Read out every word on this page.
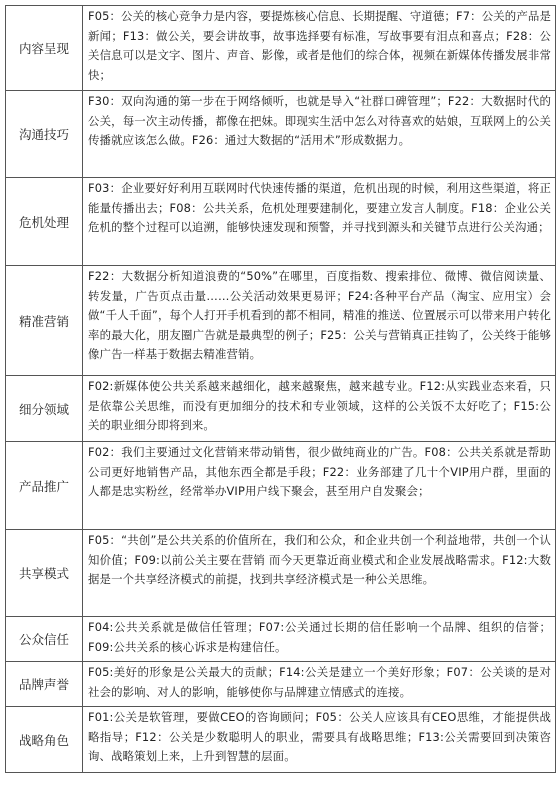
内容呈现
F05：公关的核心竞争力是内容，要提炼核心信息、长期提醒、守道德；F7：公关的产品是新闻；F13：做公关，要会讲故事，故事选择要有标准，写故事要有泪点和喜点；F28：公关信息可以是文字、图片、声音、影像，或者是他们的综合体，视频在新媒体传播发展非常快；
沟通技巧
F30：双向沟通的第一步在于网络倾听，也就是导入“社群口碑管理”；F22：大数据时代的公关，每一次主动传播，都像在把妹。即现实生活中怎么对待喜欢的姑娘，互联网上的公关传播就应该怎么做。F26：通过大数据的“活用术”形成数据力。
危机处理
F03：企业要好好利用互联网时代快速传播的渠道，危机出现的时候，利用这些渠道，将正能量传播出去；F08：公共关系，危机处理要建制化，要建立发言人制度。F18：企业公关危机的整个过程可以追溯，能够快速发现和预警，并寻找到源头和关键节点进行公关沟通；
精准营销
F22：大数据分析知道浪费的“50%”在哪里，百度指数、搜索排位、微博、微信阅读量、转发量，广告页点击量……公关活动效果更易评；F24:各种平台产品（淘宝、应用宝）会做“千人千面”，每个人打开手机看到的都不相同，精准的推送、位置展示可以带来用户转化率的最大化，朋友圈广告就是最典型的例子；F25：公关与营销真正挂钩了，公关终于能够像广告一样基于数据去精准营销。
细分领域
F02:新媒体使公共关系越来越细化，越来越聚焦，越来越专业。F12:从实践业态来看，只是依靠公关思维，而没有更加细分的技术和专业领域，这样的公关饭不太好吃了；F15:公关的职业细分即将到来。
产品推广
F02：我们主要通过文化营销来带动销售，很少做纯商业的广告。F08：公共关系就是帮助公司更好地销售产品，其他东西全都是手段；F22：业务部建了几十个VIP用户群，里面的人都是忠实粉丝，经常举办VIP用户线下聚会，甚至用户自发聚会；
共享模式
F05：“共创”是公共关系的价值所在，我们和公众，和企业共创一个利益地带，共创一个认知价值；F09:以前公关主要在营销 而今天更靠近商业模式和企业发展战略需求。F12:大数据是一个共享经济模式的前提，找到共享经济模式是一种公关思维。
公众信任
F04:公共关系就是做信任管理；F07:公关通过长期的信任影响一个品牌、组织的信誉；F09:公共关系的核心诉求是构建信任。
品牌声誉
F05:美好的形象是公关最大的贡献；F14:公关是建立一个美好形象；F07：公关谈的是对社会的影响、对人的影响，能够使你与品牌建立情感式的连接。
战略角色
F01:公关是软管理，要做CEO的咨询顾问；F05：公关人应该具有CEO思维，才能提供战略指导；F12：公关是少数聪明人的职业，需要具有战略思维；F13:公关需要回到决策咨询、战略策划上来，上升到智慧的层面。
